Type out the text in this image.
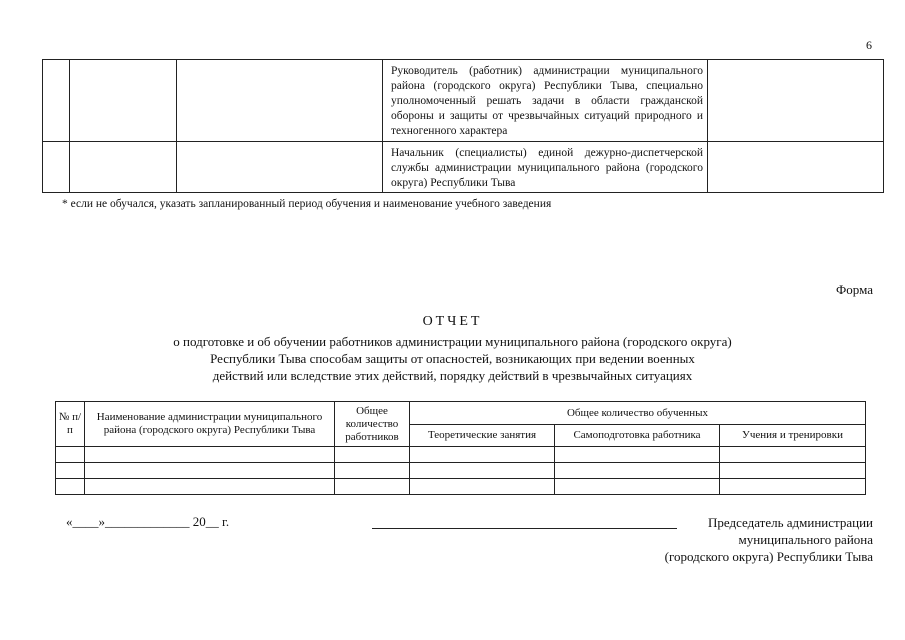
6
			Руководитель (работник) администрации муниципального района (городского округа) Республики Тыва, специально уполномоченный решать задачи в области гражданской обороны и защиты от чрезвычайных ситуаций природного и техногенного характера	
			Начальник (специалисты) единой дежурно-диспетчерской службы администрации муниципального района (городского округа) Республики Тыва	
* если не обучался, указать запланированный период обучения и наименование учебного заведения
Форма
ОТЧЕТ
о подготовке и об обучении работников администрации муниципального района (городского округа)
Республики Тыва способам защиты от опасностей, возникающих при ведении военных
действий или вследствие этих действий, порядку действий в чрезвычайных ситуациях
№ п/п	Наименование администрации муниципального района (городского округа) Республики Тыва	Общее количество работников	Общее количество обученных		
			Теоретические занятия	Самоподготовка работника	Учения и тренировки

«____»_____________ 20__ г.	Председатель администрации
муниципального района
(городского округа) Республики Тыва
